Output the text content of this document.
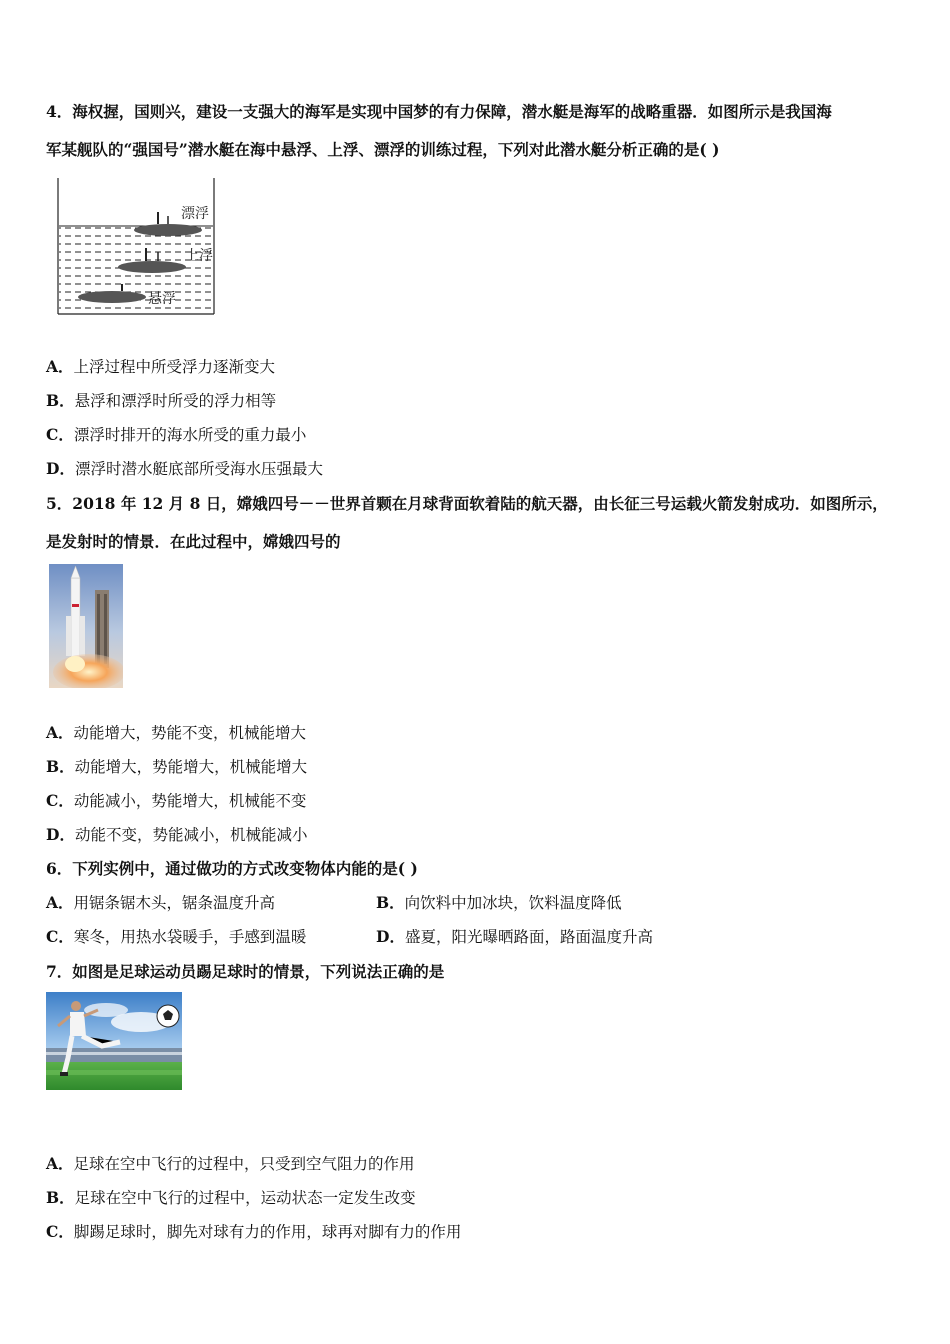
4．海权握，国则兴，建设一支强大的海军是实现中国梦的有力保障，潜水艇是海军的战略重器．如图所示是我国海
军某舰队的“强国号”潜水艇在海中悬浮、上浮、漂浮的训练过程，下列对此潜水艇分析正确的是( )
漂浮
上浮
悬浮
A．上浮过程中所受浮力逐渐变大
B．悬浮和漂浮时所受的浮力相等
C．漂浮时排开的海水所受的重力最小
D．漂浮时潜水艇底部所受海水压强最大
5．2018 年 12 月 8 日，嫦娥四号－－世界首颗在月球背面软着陆的航天器，由长征三号运载火箭发射成功．如图所示，
是发射时的情景．在此过程中，嫦娥四号的
A．动能增大，势能不变，机械能增大
B．动能增大，势能增大，机械能增大
C．动能减小，势能增大，机械能不变
D．动能不变，势能减小，机械能减小
6．下列实例中，通过做功的方式改变物体内能的是( )
A．用锯条锯木头，锯条温度升高	B．向饮料中加冰块，饮料温度降低
C．寒冬，用热水袋暖手，手感到温暖	D．盛夏，阳光曝晒路面，路面温度升高
7．如图是足球运动员踢足球时的情景，下列说法正确的是
A．足球在空中飞行的过程中，只受到空气阻力的作用
B．足球在空中飞行的过程中，运动状态一定发生改变
C．脚踢足球时，脚先对球有力的作用，球再对脚有力的作用
